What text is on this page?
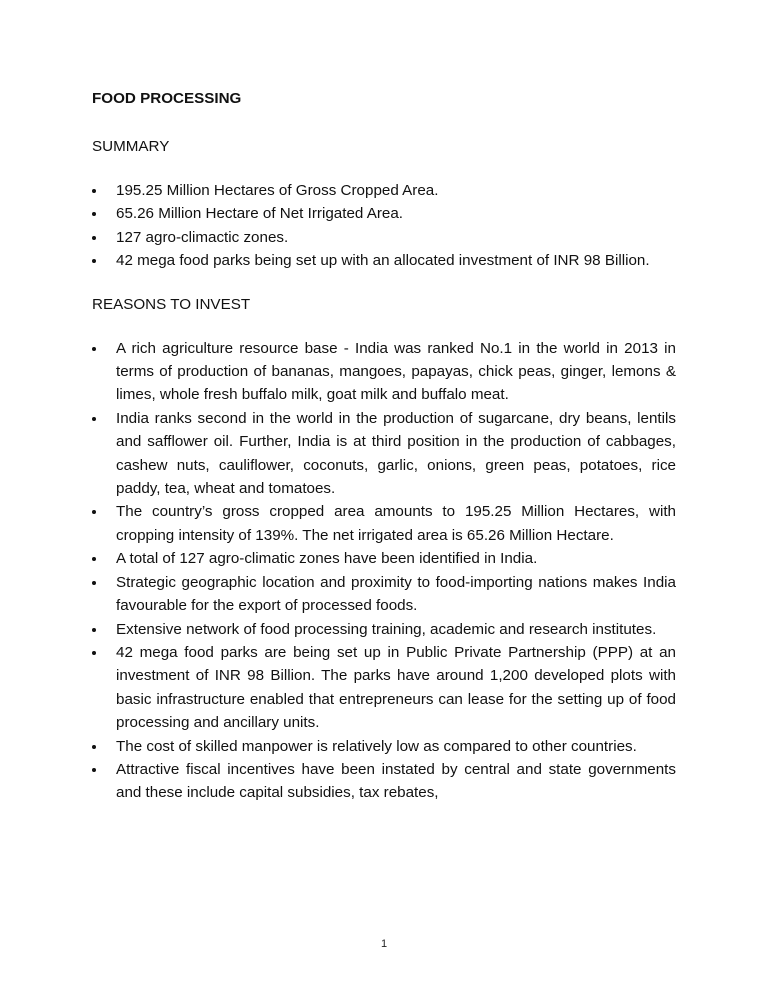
FOOD PROCESSING

SUMMARY

195.25 Million Hectares of Gross Cropped Area.
65.26 Million Hectare of Net Irrigated Area.
127 agro-climactic zones.
42 mega food parks being set up with an allocated investment of INR 98 Billion.

REASONS TO INVEST

A rich agriculture resource base - India was ranked No.1 in the world in 2013 in terms of production of bananas, mangoes, papayas, chick peas, ginger, lemons & limes, whole fresh buffalo milk, goat milk and buffalo meat.
India ranks second in the world in the production of sugarcane, dry beans, lentils and safflower oil. Further, India is at third position in the production of cabbages, cashew nuts, cauliflower, coconuts, garlic, onions, green peas, potatoes, rice paddy, tea, wheat and tomatoes.
The country’s gross cropped area amounts to 195.25 Million Hectares, with cropping intensity of 139%. The net irrigated area is 65.26 Million Hectare.
A total of 127 agro-climatic zones have been identified in India.
Strategic geographic location and proximity to food-importing nations makes India favourable for the export of processed foods.
Extensive network of food processing training, academic and research institutes.
42 mega food parks are being set up in Public Private Partnership (PPP) at an investment of INR 98 Billion. The parks have around 1,200 developed plots with basic infrastructure enabled that entrepreneurs can lease for the setting up of food processing and ancillary units.
The cost of skilled manpower is relatively low as compared to other countries.
Attractive fiscal incentives have been instated by central and state governments and these include capital subsidies, tax rebates,
1
